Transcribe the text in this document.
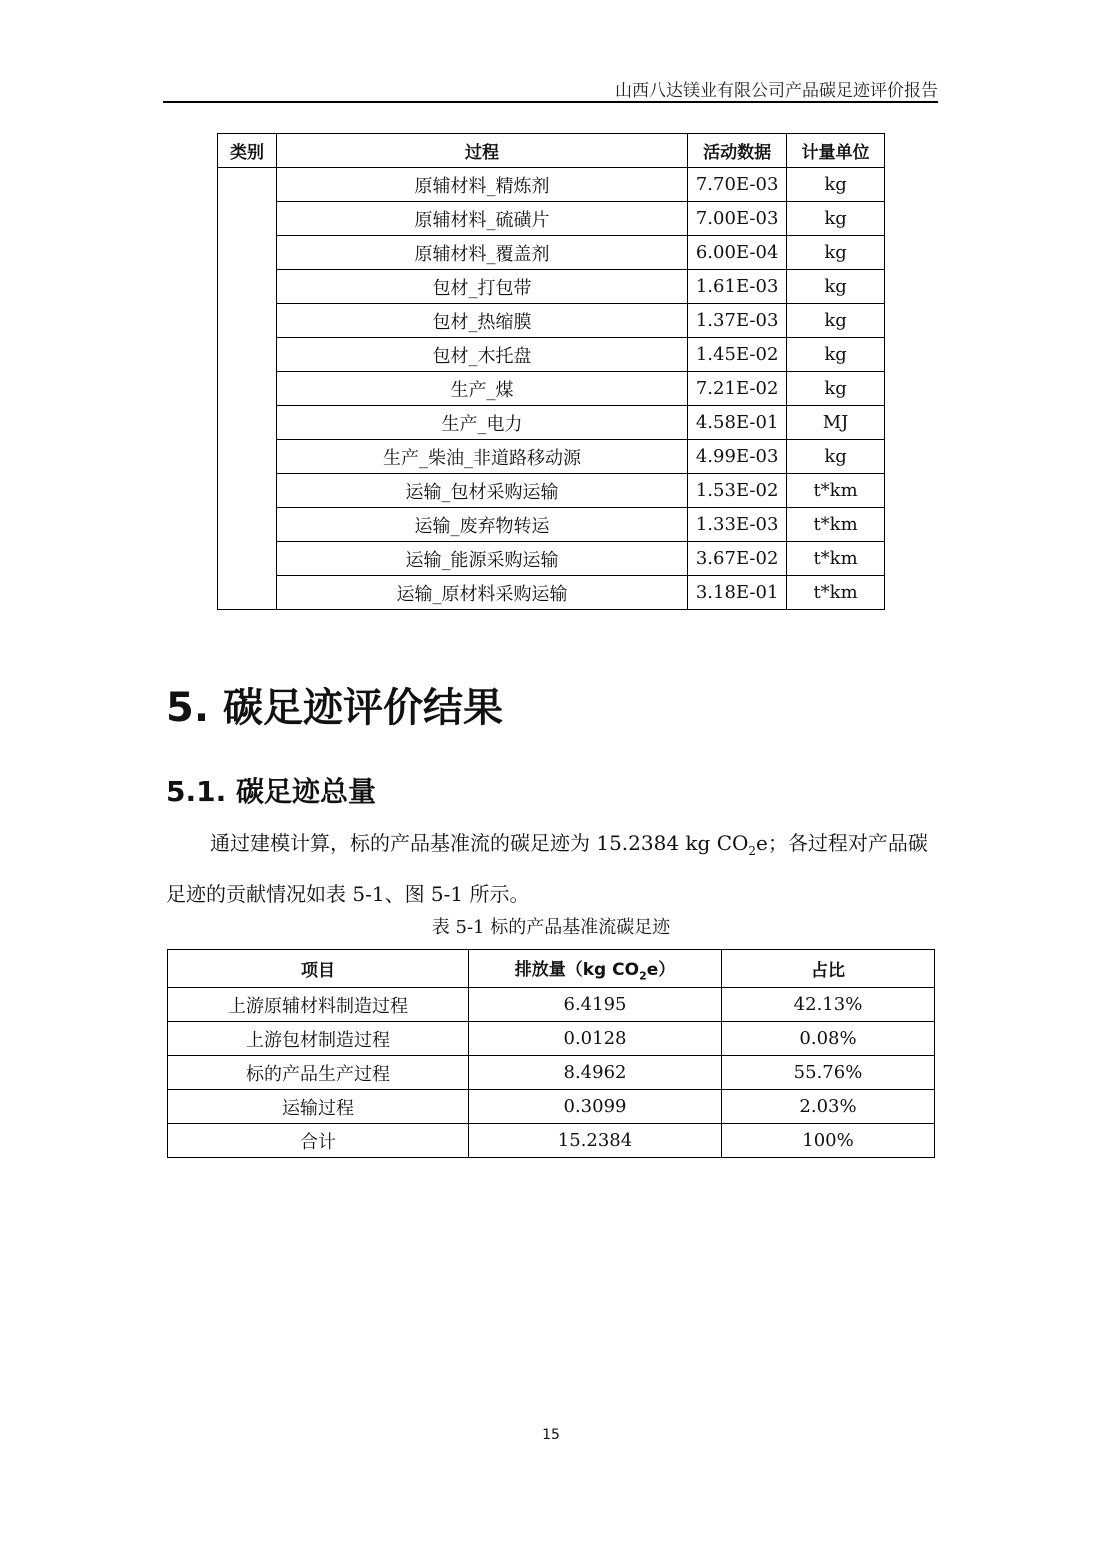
山西八达镁业有限公司产品碳足迹评价报告
类别	过程	活动数据	计量单位
	原辅材料_精炼剂	7.70E-03	kg
	原辅材料_硫磺片	7.00E-03	kg
	原辅材料_覆盖剂	6.00E-04	kg
	包材_打包带	1.61E-03	kg
	包材_热缩膜	1.37E-03	kg
	包材_木托盘	1.45E-02	kg
	生产_煤	7.21E-02	kg
	生产_电力	4.58E-01	MJ
	生产_柴油_非道路移动源	4.99E-03	kg
	运输_包材采购运输	1.53E-02	t*km
	运输_废弃物转运	1.33E-03	t*km
	运输_能源采购运输	3.67E-02	t*km
	运输_原材料采购运输	3.18E-01	t*km
5. 碳足迹评价结果
5.1. 碳足迹总量

通过建模计算，标的产品基准流的碳足迹为 15.2384 kg $CO_2e$；各过程对产品碳足迹的贡献情况如表 5-1、图 5-1 所示。

表 5-1 标的产品基准流碳足迹
项目	排放量（kg $CO_2e$）	占比
上游原辅材料制造过程	6.4195	42.13%
上游包材制造过程	0.0128	0.08%
标的产品生产过程	8.4962	55.76%
运输过程	0.3099	2.03%
合计	15.2384	100%
15
